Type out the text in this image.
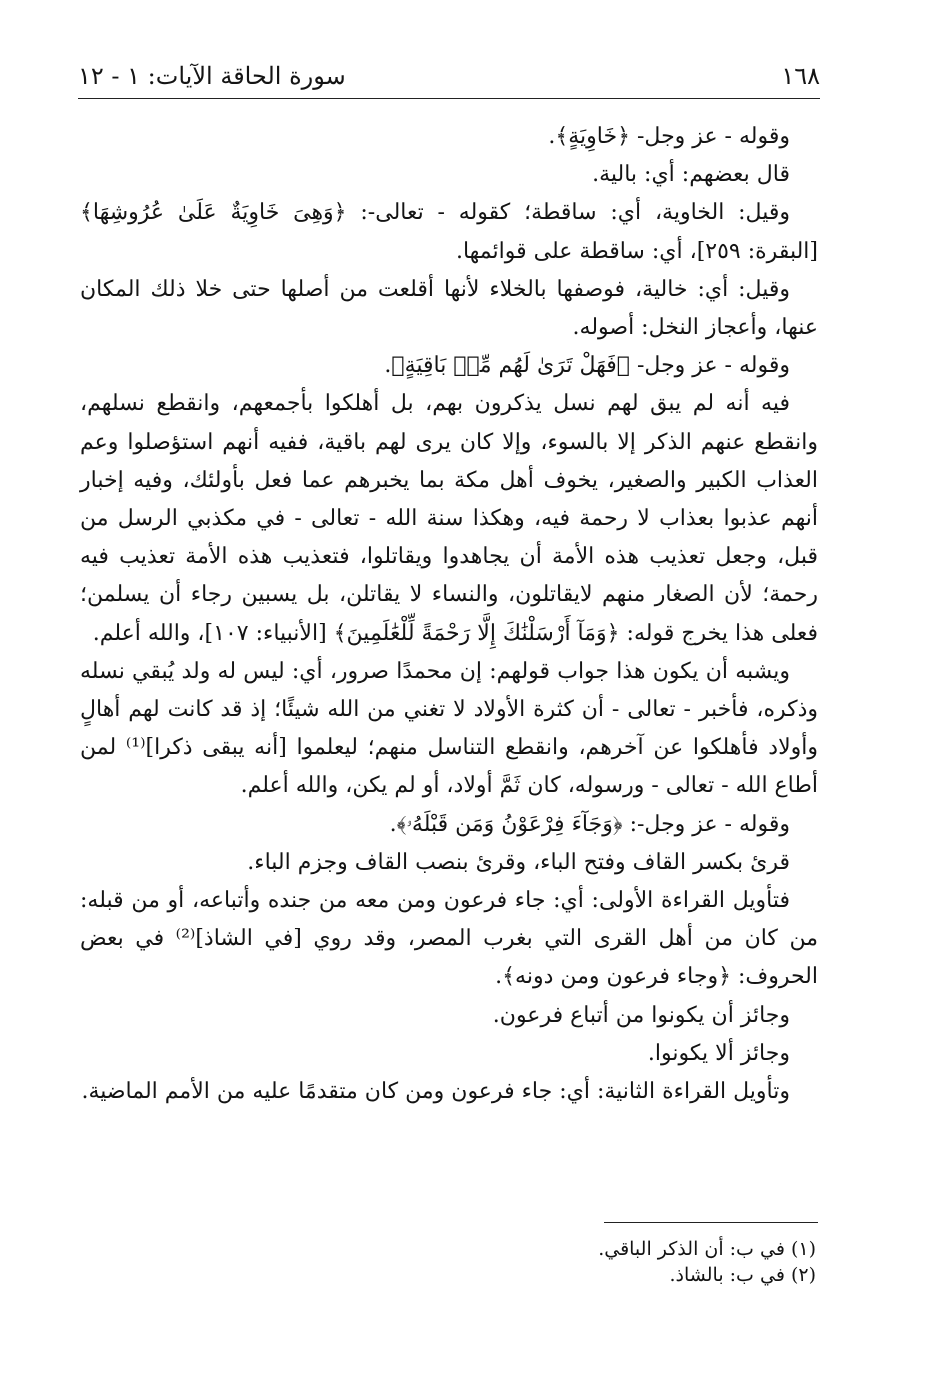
١٦٨
سورة الحاقة الآيات: ١ - ١٢

وقوله - عز وجل- ﴿خَاوِيَةٍ﴾.

قال بعضهم: أي: بالية.

وقيل: الخاوية، أي: ساقطة؛ كقوله - تعالى-: ﴿وَهِىَ خَاوِيَةٌ عَلَىٰ عُرُوشِهَا﴾ [البقرة: ٢٥٩]، أي: ساقطة على قوائمها.

وقيل: أي: خالية، فوصفها بالخلاء لأنها أقلعت من أصلها حتى خلا ذلك المكان عنها، وأعجاز النخل: أصوله.

وقوله - عز وجل- ﴿فَهَلْ تَرَىٰ لَهُم مِّنۢ بَاقِيَةٍ﴾.

فيه أنه لم يبق لهم نسل يذكرون بهم، بل أهلكوا بأجمعهم، وانقطع نسلهم، وانقطع عنهم الذكر إلا بالسوء، وإلا كان يرى لهم باقية، ففيه أنهم استؤصلوا وعم العذاب الكبير والصغير، يخوف أهل مكة بما يخبرهم عما فعل بأولئك، وفيه إخبار أنهم عذبوا بعذاب لا رحمة فيه، وهكذا سنة الله - تعالى - في مكذبي الرسل من قبل، وجعل تعذيب هذه الأمة أن يجاهدوا ويقاتلوا، فتعذيب هذه الأمة تعذيب فيه رحمة؛ لأن الصغار منهم لايقاتلون، والنساء لا يقاتلن، بل يسبين رجاء أن يسلمن؛ فعلى هذا يخرج قوله: ﴿وَمَآ أَرْسَلْنَٰكَ إِلَّا رَحْمَةً لِّلْعَٰلَمِينَ﴾ [الأنبياء: ١٠٧]، والله أعلم.

ويشبه أن يكون هذا جواب قولهم: إن محمدًا صرور، أي: ليس له ولد يُبقي نسله وذكره، فأخبر - تعالى - أن كثرة الأولاد لا تغني من الله شيئًا؛ إذ قد كانت لهم أهالٍ وأولاد فأهلكوا عن آخرهم، وانقطع التناسل منهم؛ ليعلموا [أنه يبقى ذكرا]⁽¹⁾ لمن أطاع الله - تعالى - ورسوله، كان ثَمَّ أولاد، أو لم يكن، والله أعلم.

وقوله - عز وجل-: ﴿وَجَآءَ فِرْعَوْنُ وَمَن قَبْلَهُۥ﴾.

قرئ بكسر القاف وفتح الباء، وقرئ بنصب القاف وجزم الباء.

فتأويل القراءة الأولى: أي: جاء فرعون ومن معه من جنده وأتباعه، أو من قبله: من كان من أهل القرى التي بغرب المصر، وقد روي [في الشاذ]⁽²⁾ في بعض الحروف: ﴿وجاء فرعون ومن دونه﴾.

وجائز أن يكونوا من أتباع فرعون.

وجائز ألا يكونوا.

وتأويل القراءة الثانية: أي: جاء فرعون ومن كان متقدمًا عليه من الأمم الماضية.

(١) في ب: أن الذكر الباقي.

(٢) في ب: بالشاذ.
